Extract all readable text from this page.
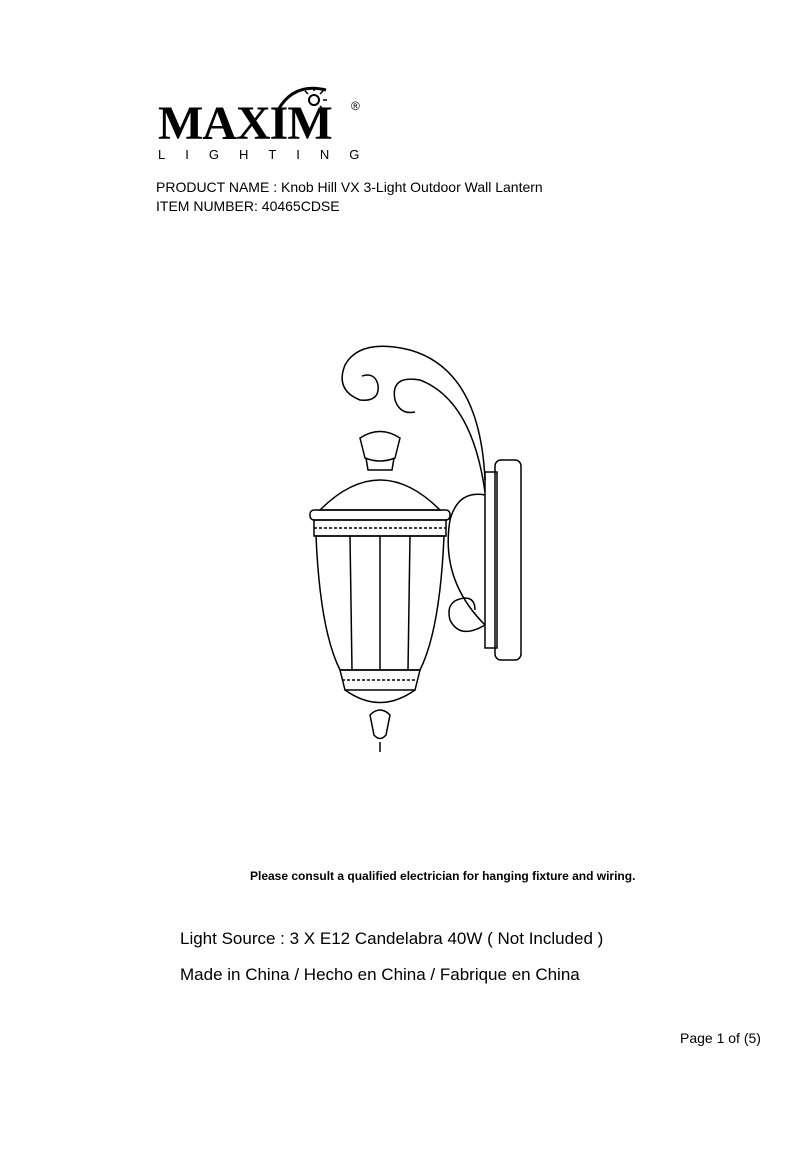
MAXIM ®
LIGHTING
PRODUCT NAME : Knob Hill VX 3-Light Outdoor Wall Lantern
ITEM NUMBER: 40465CDSE
Please consult a qualified electrician for hanging fixture and wiring.
Light Source : 3 X E12 Candelabra 40W ( Not Included )
Made in China / Hecho en China / Fabrique en China
Page 1 of (5)
